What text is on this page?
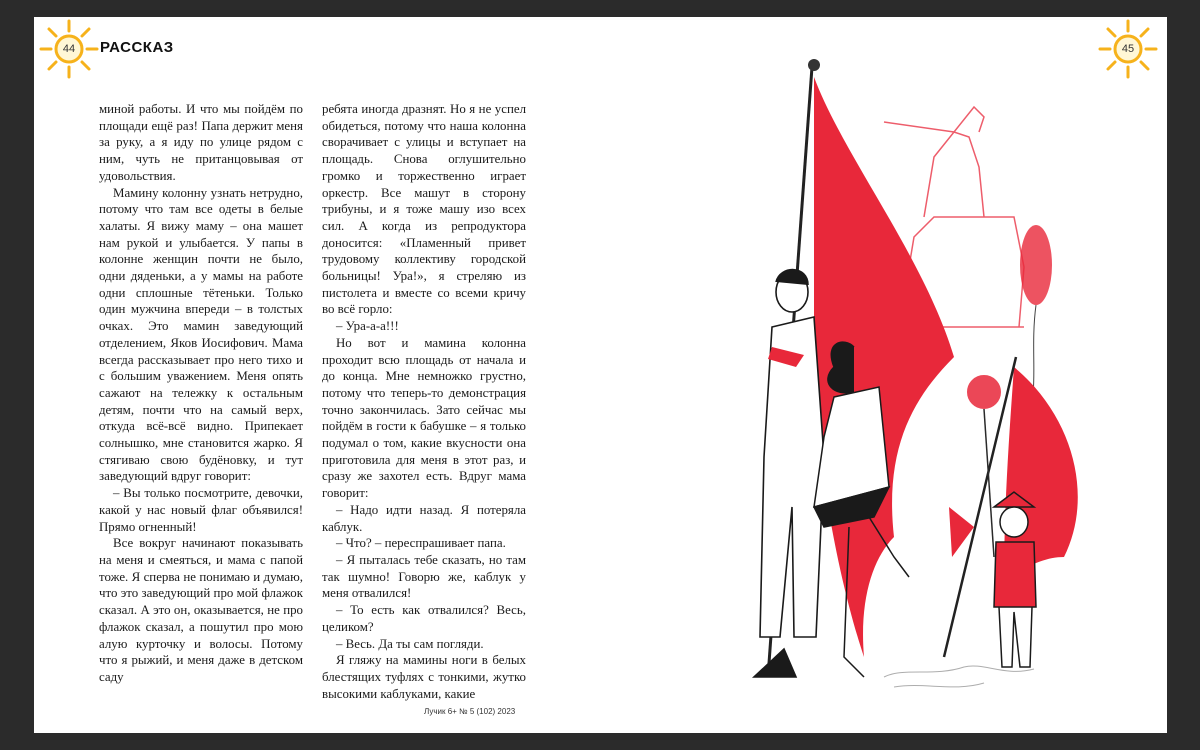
44	РАССКАЗ	45

миной работы. И что мы пойдём по площади ещё раз! Папа держит меня за руку, а я иду по улице рядом с ним, чуть не пританцовывая от удовольствия.

Мамину колонну узнать нетрудно, потому что там все одеты в белые халаты. Я вижу маму – она машет нам рукой и улыбается. У папы в колонне женщин почти не было, одни дяденьки, а у мамы на работе одни сплошные тётеньки. Только один мужчина впереди – в толстых очках. Это мамин заведующий отделением, Яков Иосифович. Мама всегда рассказывает про него тихо и с большим уважением. Меня опять сажают на тележку к остальным детям, почти что на самый верх, откуда всё-всё видно. Припекает солнышко, мне становится жарко. Я стягиваю свою будёновку, и тут заведующий вдруг говорит:

– Вы только посмотрите, девочки, какой у нас новый флаг объявился! Прямо огненный!

Все вокруг начинают показывать на меня и смеяться, и мама с папой тоже. Я сперва не понимаю и думаю, что это заведующий про мой флажок сказал. А это он, оказывается, не про флажок сказал, а пошутил про мою алую курточку и волосы. Потому что я рыжий, и меня даже в детском саду

ребята иногда дразнят. Но я не успел обидеться, потому что наша колонна сворачивает с улицы и вступает на площадь. Снова оглушительно громко и торжественно играет оркестр. Все машут в сторону трибуны, и я тоже машу изо всех сил. А когда из репродуктора доносится: «Пламенный привет трудовому коллективу городской больницы! Ура!», я стреляю из пистолета и вместе со всеми кричу во всё горло:

– Ура-а-а!!!

Но вот и мамина колонна проходит всю площадь от начала и до конца. Мне немножко грустно, потому что теперь-то демонстрация точно закончилась. Зато сейчас мы пойдём в гости к бабушке – я только подумал о том, какие вкусности она приготовила для меня в этот раз, и сразу же захотел есть. Вдруг мама говорит:

– Надо идти назад. Я потеряла каблук.

– Что? – переспрашивает папа.

– Я пыталась тебе сказать, но там так шумно! Говорю же, каблук у меня отвалился!

– То есть как отвалился? Весь, целиком?

– Весь. Да ты сам погляди.

Я гляжу на мамины ноги в белых блестящих туфлях с тонкими, жутко высокими каблуками, какие

Лучик 6+ № 5 (102) 2023
